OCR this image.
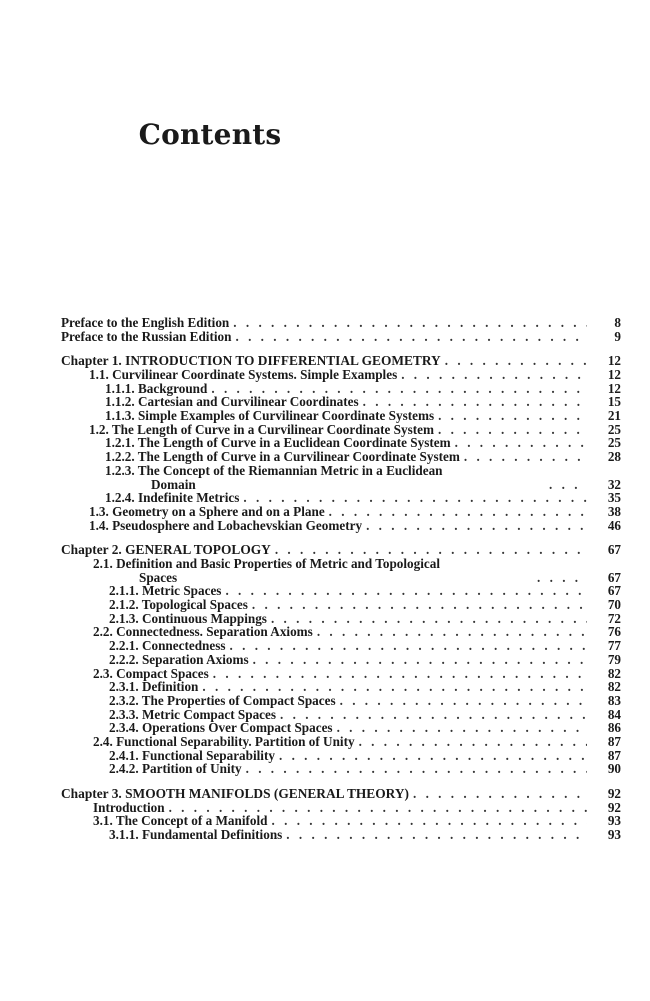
Contents
Preface to the English Edition . . .	8
Preface to the Russian Edition . . .	9
Chapter 1. INTRODUCTION TO DIFFERENTIAL GEOMETRY . . .	12
1.1. Curvilinear Coordinate Systems. Simple Examples . . .	12
1.1.1. Background . . .	12
1.1.2. Cartesian and Curvilinear Coordinates . . .	15
1.1.3. Simple Examples of Curvilinear Coordinate Systems . . .	21
1.2. The Length of Curve in a Curvilinear Coordinate System . . .	25
1.2.1. The Length of Curve in a Euclidean Coordinate System . . .	25
1.2.2. The Length of Curve in a Curvilinear Coordinate System . . .	28
1.2.3. The Concept of the Riemannian Metric in a Euclidean
Domain . . .	32
1.2.4. Indefinite Metrics . . .	35
1.3. Geometry on a Sphere and on a Plane . . .	38
1.4. Pseudosphere and Lobachevskian Geometry . . .	46
Chapter 2. GENERAL TOPOLOGY . . .	67
2.1. Definition and Basic Properties of Metric and Topological
Spaces . . .	67
2.1.1. Metric Spaces . . .	67
2.1.2. Topological Spaces . . .	70
2.1.3. Continuous Mappings . . .	72
2.2. Connectedness. Separation Axioms . . .	76
2.2.1. Connectedness . . .	77
2.2.2. Separation Axioms . . .	79
2.3. Compact Spaces . . .	82
2.3.1. Definition . . .	82
2.3.2. The Properties of Compact Spaces . . .	83
2.3.3. Metric Compact Spaces . . .	84
2.3.4. Operations Over Compact Spaces . . .	86
2.4. Functional Separability. Partition of Unity . . .	87
2.4.1. Functional Separability . . .	87
2.4.2. Partition of Unity . . .	90
Chapter 3. SMOOTH MANIFOLDS (GENERAL THEORY) . . .	92
Introduction . . .	92
3.1. The Concept of a Manifold . . .	93
3.1.1. Fundamental Definitions . . .	93
